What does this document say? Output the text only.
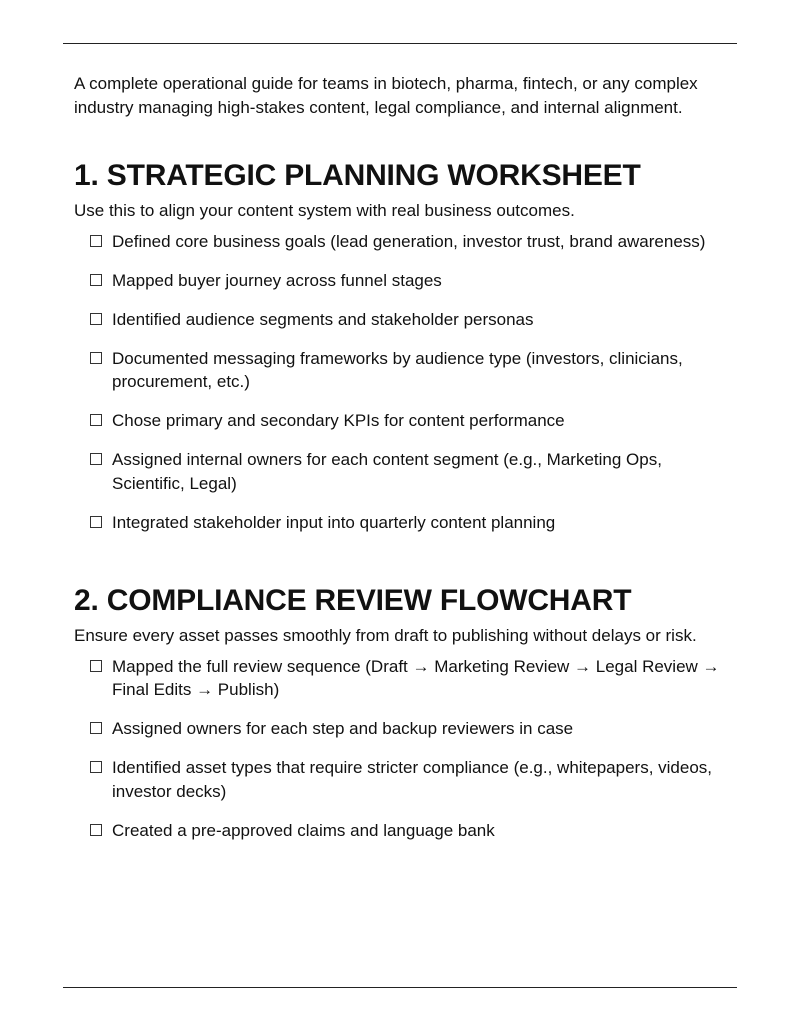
A complete operational guide for teams in biotech, pharma, fintech, or any complex industry managing high-stakes content, legal compliance, and internal alignment.

1. STRATEGIC PLANNING WORKSHEET

Use this to align your content system with real business outcomes.

Defined core business goals (lead generation, investor trust, brand awareness)
Mapped buyer journey across funnel stages
Identified audience segments and stakeholder personas
Documented messaging frameworks by audience type (investors, clinicians, procurement, etc.)
Chose primary and secondary KPIs for content performance
Assigned internal owners for each content segment (e.g., Marketing Ops, Scientific, Legal)
Integrated stakeholder input into quarterly content planning
2. COMPLIANCE REVIEW FLOWCHART

Ensure every asset passes smoothly from draft to publishing without delays or risk.

Mapped the full review sequence (Draft → Marketing Review → Legal Review → Final Edits → Publish)
Assigned owners for each step and backup reviewers in case
Identified asset types that require stricter compliance (e.g., whitepapers, videos, investor decks)
Created a pre-approved claims and language bank
